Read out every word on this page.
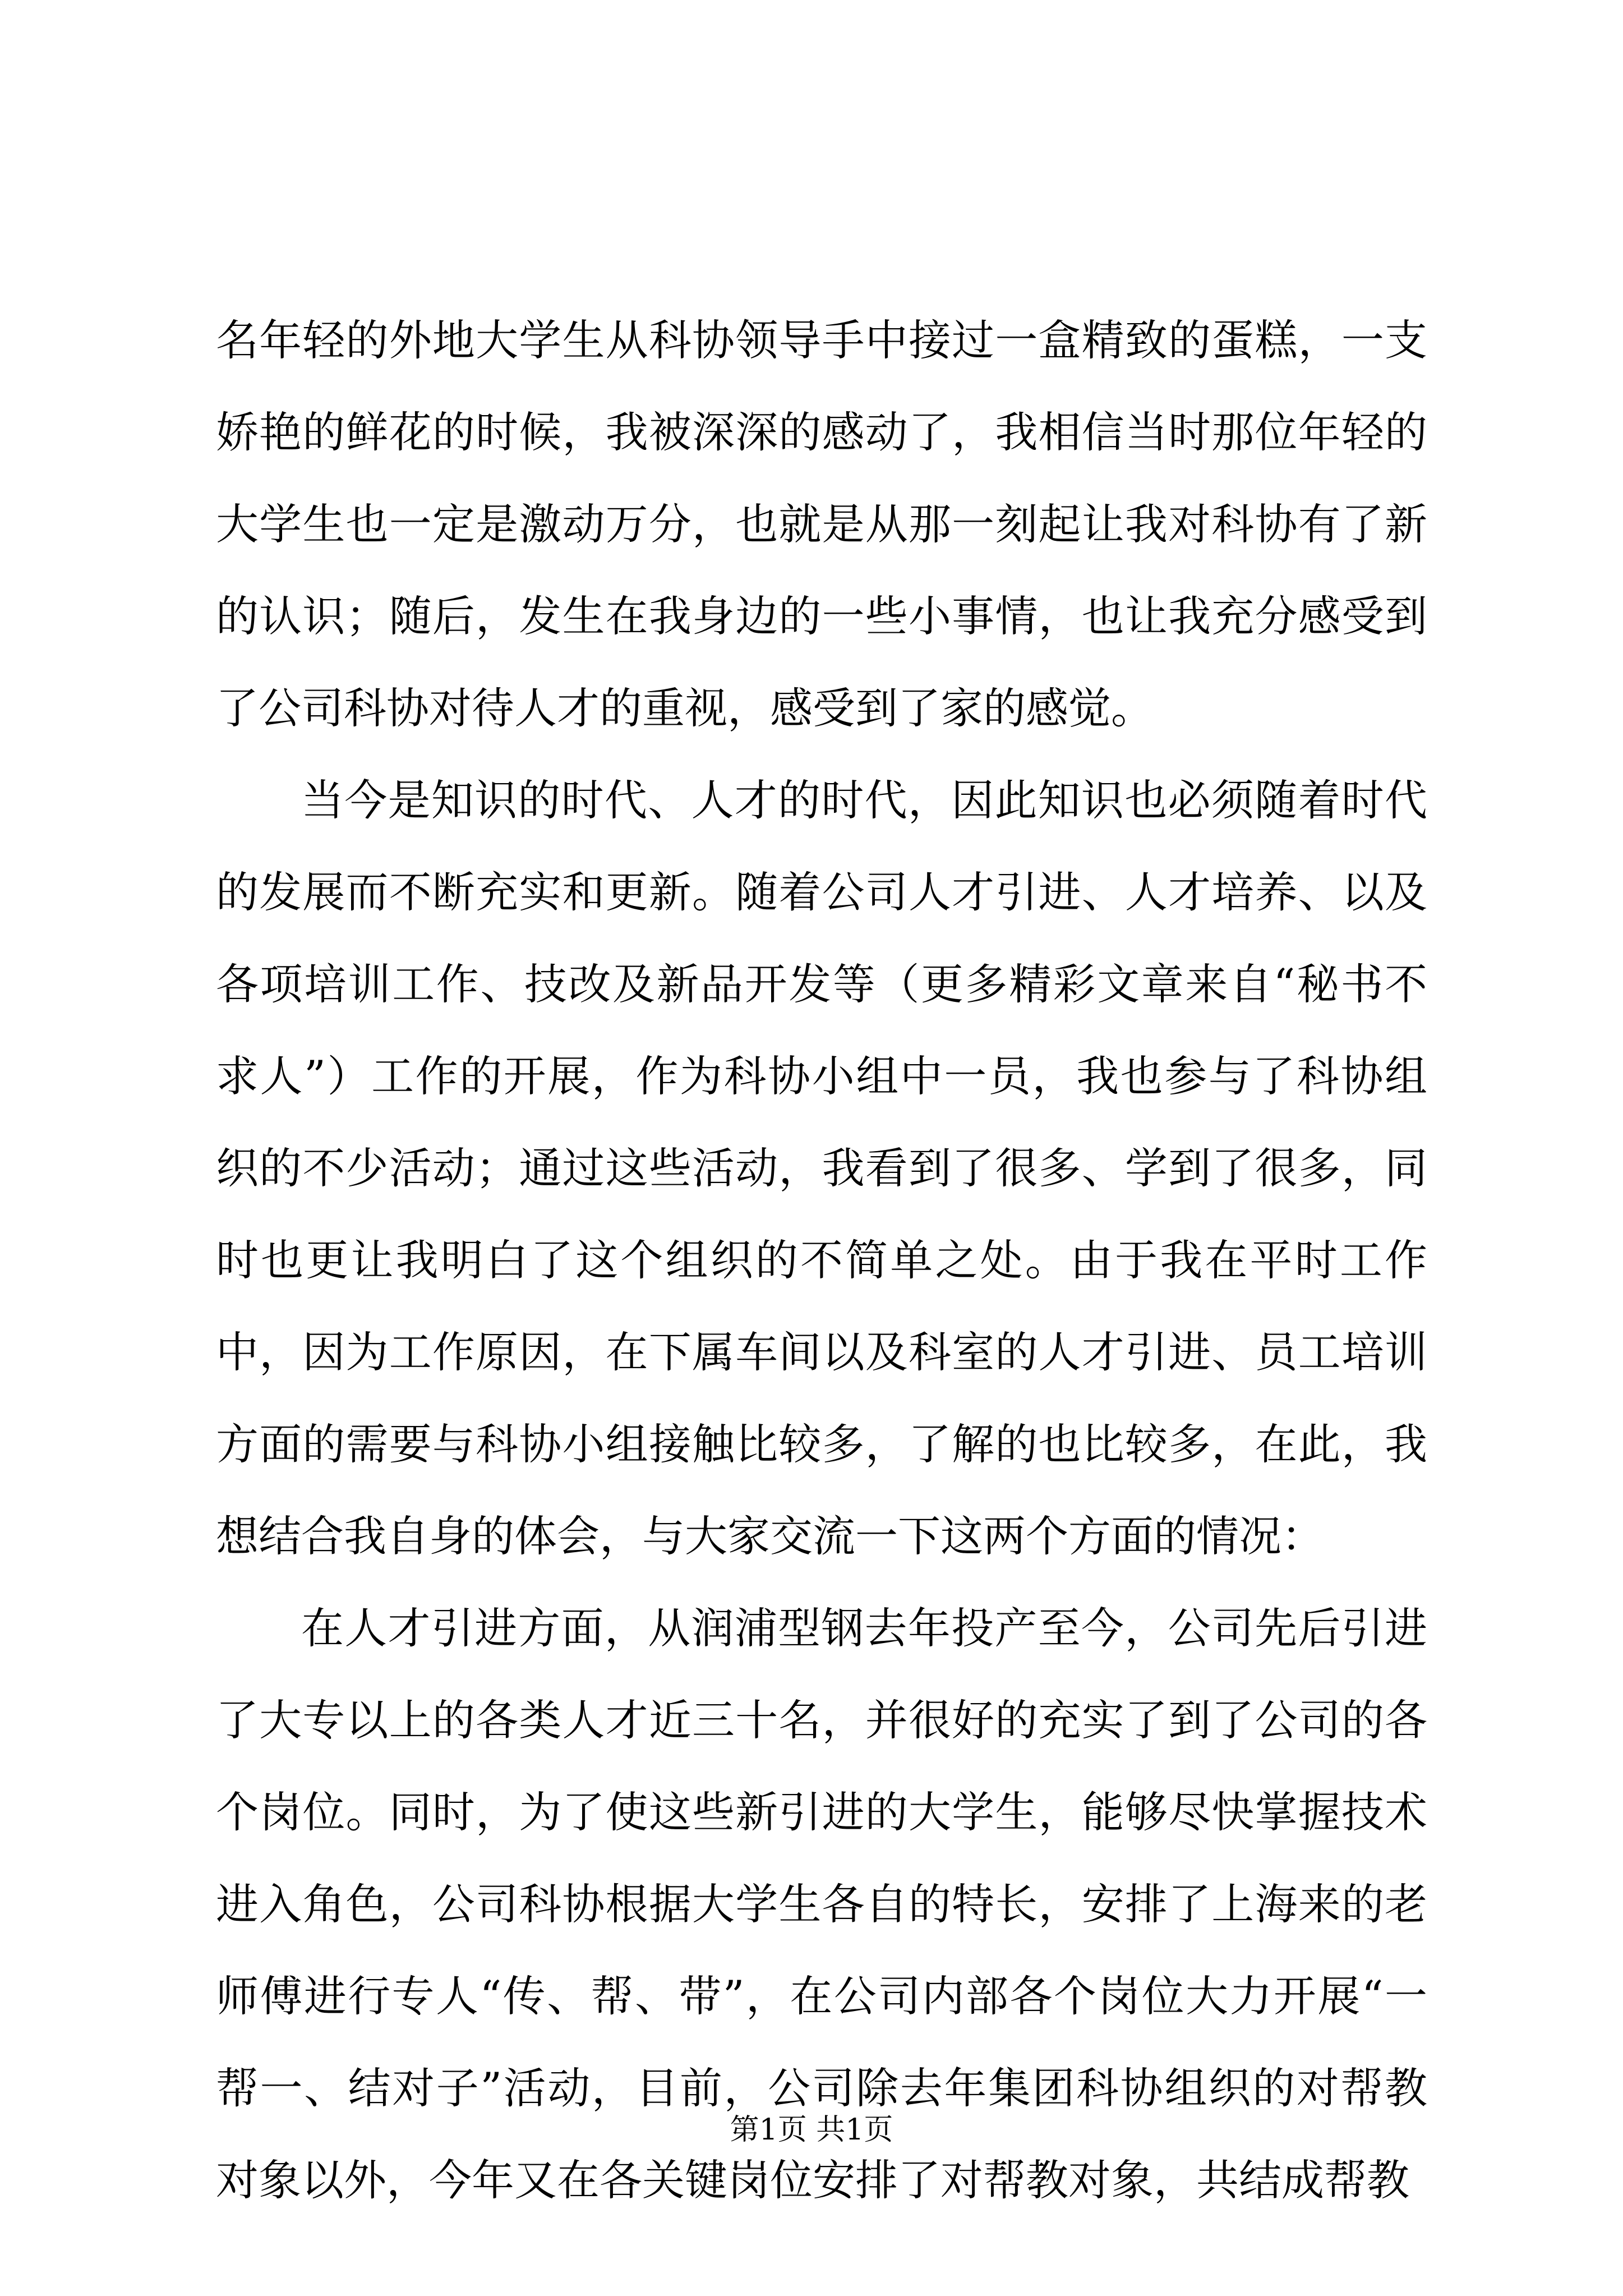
名年轻的外地大学生从科协领导手中接过一盒精致的蛋糕，一支娇艳的鲜花的时候，我被深深的感动了，我相信当时那位年轻的大学生也一定是激动万分，也就是从那一刻起让我对科协有了新的认识；随后，发生在我身边的一些小事情，也让我充分感受到了公司科协对待人才的重视，感受到了家的感觉。

当今是知识的时代、人才的时代，因此知识也必须随着时代的发展而不断充实和更新。随着公司人才引进、人才培养、以及各项培训工作、技改及新品开发等（更多精彩文章来自“秘书不求人”）工作的开展，作为科协小组中一员，我也参与了科协组织的不少活动；通过这些活动，我看到了很多、学到了很多，同时也更让我明白了这个组织的不简单之处。由于我在平时工作中，因为工作原因，在下属车间以及科室的人才引进、员工培训方面的需要与科协小组接触比较多，了解的也比较多，在此，我想结合我自身的体会，与大家交流一下这两个方面的情况：

在人才引进方面，从润浦型钢去年投产至今，公司先后引进了大专以上的各类人才近三十名，并很好的充实了到了公司的各个岗位。同时，为了使这些新引进的大学生，能够尽快掌握技术进入角色，公司科协根据大学生各自的特长，安排了上海来的老师傅进行专人“传、帮、带”，在公司内部各个岗位大力开展“一帮一、结对子”活动，目前，公司除去年集团科协组织的对帮教对象以外，今年又在各关键岗位安排了对帮教对象，共结成帮教

第1页 共1页
